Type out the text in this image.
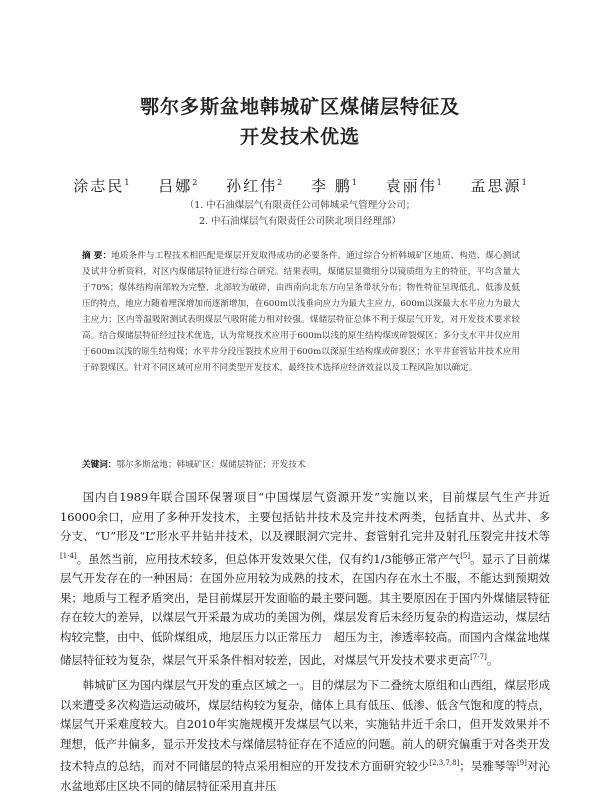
鄂尔多斯盆地韩城矿区煤储层特征及
开发技术优选
涂志民$^1$ 吕娜$^2$ 孙红伟$^2$ 李 鹏$^1$ 袁丽伟$^1$ 孟思源$^1$
（1. 中石油煤层气有限责任公司韩城采气管理分公司；
2. 中石油煤层气有限责任公司陕北项目经理部）
摘 要：地质条件与工程技术相匹配是煤层开发取得成功的必要条件。通过综合分析韩城矿区地质、构造、煤心测试及试井分析资料，对区内煤储层特征进行综合研究。结果表明，煤储层显微组分以镜质组为主的特征，平均含量大于70%；煤体结构南部较为完整，北部较为破碎，由西南向北东方向呈条带状分布；物性特征呈现低孔、低渗及低压的特点，地应力随着埋深增加而逐渐增加，在600m以浅垂向应力为最大主应力，600m以深最大水平应力为最大主应力；区内等温吸附测试表明煤层气吸附能力相对较强。煤储层特征总体不利于煤层气开发，对开发技术要求较高。结合煤储层特征经过技术优选，认为常规技术应用于600m以浅的原生结构煤或碎裂煤区；多分支水平井仅应用于600m以浅的原生结构煤；水平井分段压裂技术应用于600m以深原生结构煤或碎裂区；水平井套管钻井技术应用于碎裂煤区。针对不同区域可应用不同类型开发技术，最终技术选择应经济效益以及工程风险加以确定。
关键词：鄂尔多斯盆地；韩城矿区；煤储层特征；开发技术

国内自1989年联合国环保署项目“中国煤层气资源开发”实施以来，目前煤层气生产井近16000余口，应用了多种开发技术，主要包括钻井技术及完井技术两类，包括直井、丛式井、多分支、“U”形及“L”形水平井钻井技术，以及裸眼洞穴完井、套管射孔完井及射孔压裂完井技术等[1-4]。虽然当前，应用技术较多，但总体开发效果欠佳，仅有约1/3能够正常产气[5]。显示了目前煤层气开发存在的一种困局：在国外应用较为成熟的技术，在国内存在水土不服，不能达到预期效果；地质与工程矛盾突出，是目前煤层开发面临的最主要问题。其主要原因在于国内外煤储层特征存在较大的差异，以煤层气开采最为成功的美国为例，煤层发育后未经历复杂的构造运动，煤层结构较完整，由中、低阶煤组成，地层压力以正常压力　超压为主，渗透率较高。而国内含煤盆地煤储层特征较为复杂，煤层气开采条件相对较差，因此，对煤层气开发技术要求更高[7-7]。

韩城矿区为国内煤层气开发的重点区域之一。目的煤层为下二叠统太原组和山西组，煤层形成以来遭受多次构造运动破坏，煤层结构较为复杂，储体上具有低压、低渗、低含气饱和度的特点，煤层气开采难度较大。自2010年实施规模开发煤层气以来，实施钻井近千余口，但开发效果并不理想，低产井偏多，显示开发技术与煤储层特征存在不适应的问题。前人的研究偏重于对各类开发技术特点的总结，而对不同储层的特点采用相应的开发技术方面研究较少[2,3,7,8]；吴雅琴等[9]对沁水盆地郑庄区块不同的储层特征采用直井压
